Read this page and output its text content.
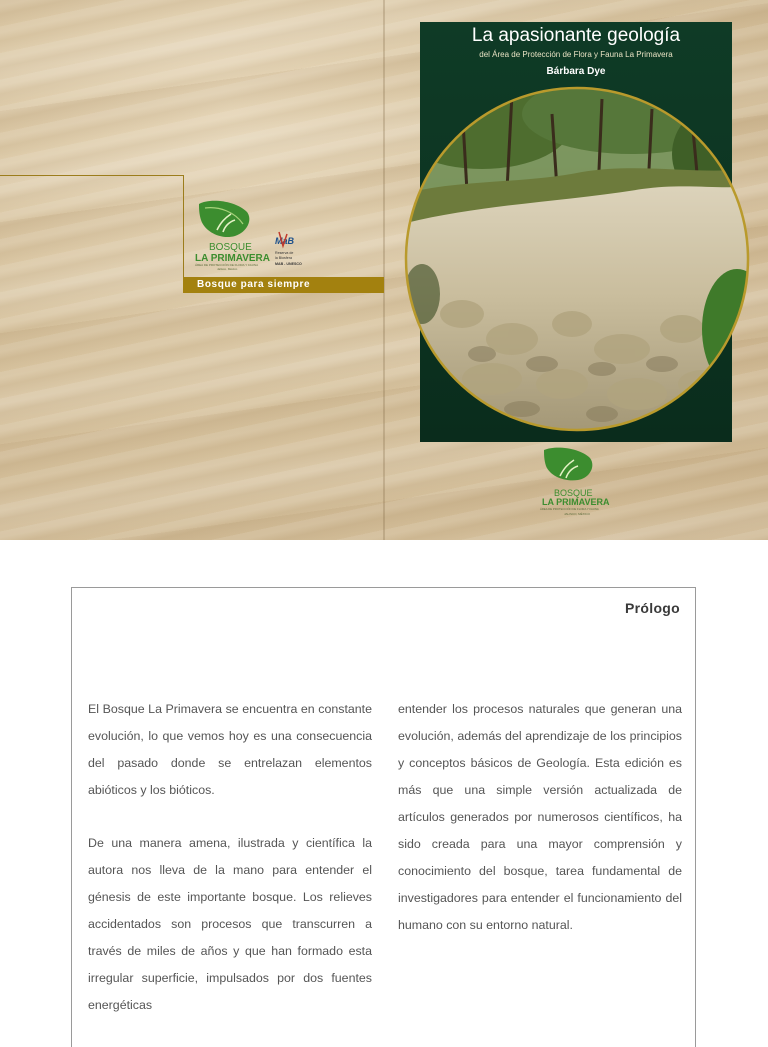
BOSQUE
LA PRIMAVERA
ÁREA DE PROTECCIÓN DE FLORA Y FAUNA
Jalisco, México
MaB
Reserva de
la Biosfera
MAB - UNESCO
Bosque para siempre
La apasionante geología
del Área de Protección de Flora y Fauna La Primavera
Bárbara Dye
BOSQUE
LA PRIMAVERA
ÁREA DE PROTECCIÓN DE FLORA Y FAUNA
JALISCO, MÉXICO
Prólogo

El Bosque La Primavera se encuentra en constante evolución, lo que vemos hoy es una consecuencia del pasado donde se entrelazan elementos abióticos y los bióticos.

De una manera amena, ilustrada y científica la autora nos lleva de la mano para entender el génesis de este importante bosque. Los relieves accidentados son procesos que transcurren a través de miles de años y que han formado esta irregular superficie, impulsados por dos fuentes energéticas

entender los procesos naturales que generan una evolución, además del aprendizaje de los principios y conceptos básicos de Geología. Esta edición es más que una simple versión actualizada de artículos generados por numerosos científicos, ha sido creada para una mayor comprensión y conocimiento del bosque, tarea fundamental de investigadores para entender el funcionamiento del humano con su entorno natural.
